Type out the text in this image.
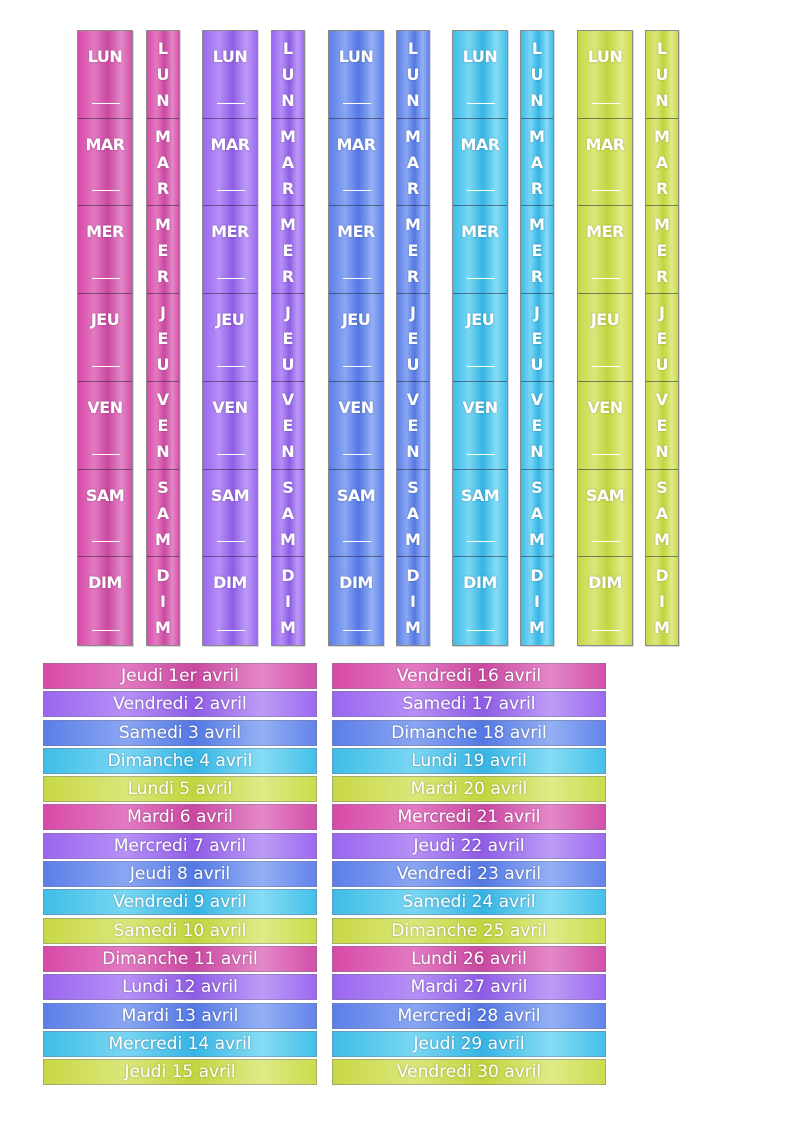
LUN
MAR
MER
JEU
VEN
SAM
DIM
LUN
MAR
MER
JEU
VEN
SAM
DIM
LUN
MAR
MER
JEU
VEN
SAM
DIM
LUN
MAR
MER
JEU
VEN
SAM
DIM
LUN
MAR
MER
JEU
VEN
SAM
DIM
LUN
MAR
MER
JEU
VEN
SAM
DIM
LUN
MAR
MER
JEU
VEN
SAM
DIM
LUN
MAR
MER
JEU
VEN
SAM
DIM
LUN
MAR
MER
JEU
VEN
SAM
DIM
LUN
MAR
MER
JEU
VEN
SAM
DIM
Jeudi 1er avril
Vendredi 2 avril
Samedi 3 avril
Dimanche 4 avril
Lundi 5 avril
Mardi 6 avril
Mercredi 7 avril
Jeudi 8 avril
Vendredi 9 avril
Samedi 10 avril
Dimanche 11 avril
Lundi 12 avril
Mardi 13 avril
Mercredi 14 avril
Jeudi 15 avril
Vendredi 16 avril
Samedi 17 avril
Dimanche 18 avril
Lundi 19 avril
Mardi 20 avril
Mercredi 21 avril
Jeudi 22 avril
Vendredi 23 avril
Samedi 24 avril
Dimanche 25 avril
Lundi 26 avril
Mardi 27 avril
Mercredi 28 avril
Jeudi 29 avril
Vendredi 30 avril
